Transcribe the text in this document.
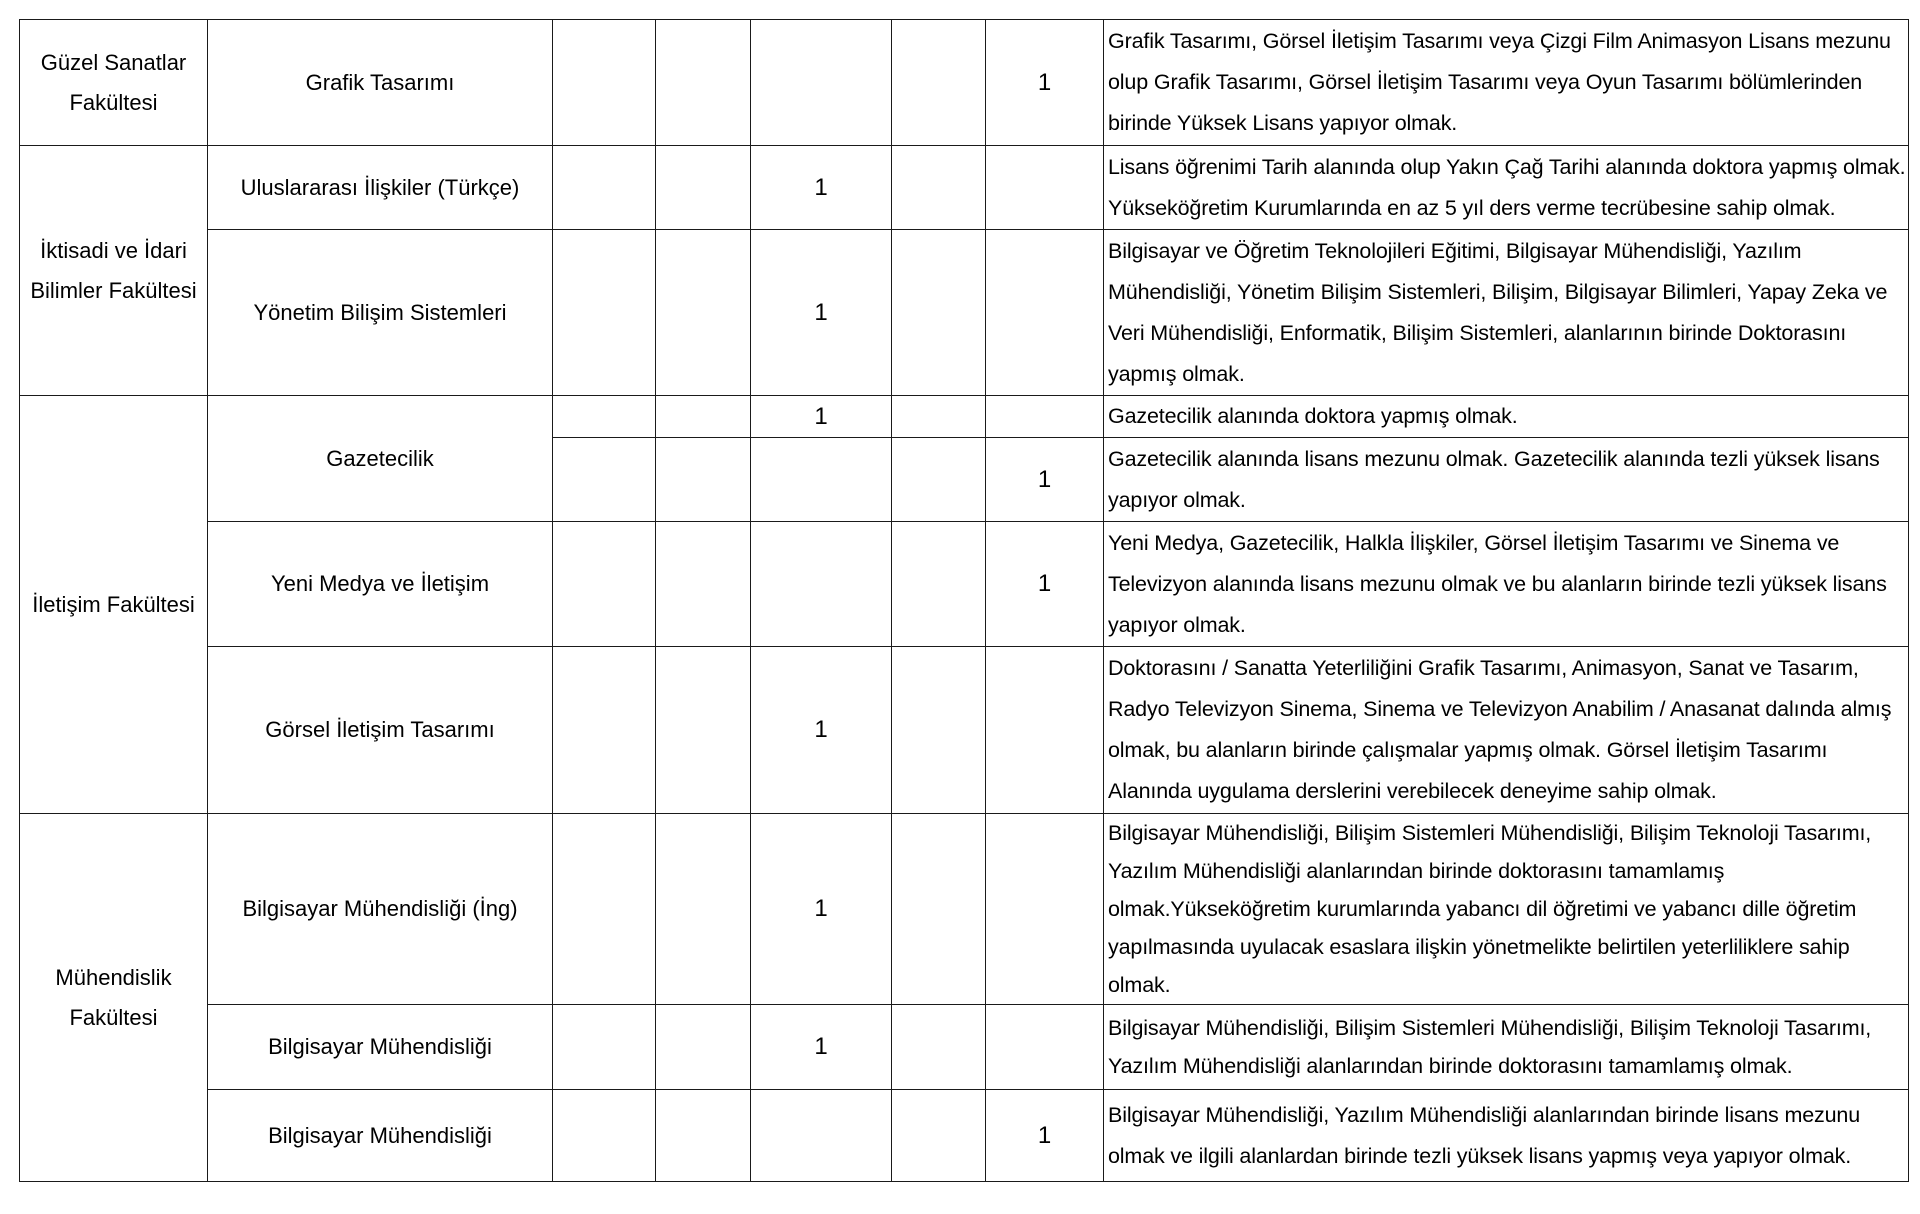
Güzel Sanatlar Fakültesi	Grafik Tasarımı					1	Grafik Tasarımı, Görsel İletişim Tasarımı veya Çizgi Film Animasyon Lisans mezunu olup Grafik Tasarımı, Görsel İletişim Tasarımı veya Oyun Tasarımı bölümlerinden birinde Yüksek Lisans yapıyor olmak.
İktisadi ve İdari Bilimler Fakültesi	Uluslararası İlişkiler (Türkçe)			1			Lisans öğrenimi Tarih alanında olup Yakın Çağ Tarihi alanında doktora yapmış olmak. Yükseköğretim Kurumlarında en az 5 yıl ders verme tecrübesine sahip olmak.
	Yönetim Bilişim Sistemleri			1			Bilgisayar ve Öğretim Teknolojileri Eğitimi, Bilgisayar Mühendisliği, Yazılım Mühendisliği, Yönetim Bilişim Sistemleri, Bilişim, Bilgisayar Bilimleri, Yapay Zeka ve Veri Mühendisliği, Enformatik, Bilişim Sistemleri, alanlarının birinde Doktorasını yapmış olmak.
İletişim Fakültesi	Gazetecilik			1			Gazetecilik alanında doktora yapmış olmak.
						1	Gazetecilik alanında lisans mezunu olmak. Gazetecilik alanında tezli yüksek lisans yapıyor olmak.
	Yeni Medya ve İletişim					1	Yeni Medya, Gazetecilik, Halkla İlişkiler, Görsel İletişim Tasarımı ve Sinema ve Televizyon alanında lisans mezunu olmak ve bu alanların birinde tezli yüksek lisans yapıyor olmak.
	Görsel İletişim Tasarımı			1			Doktorasını / Sanatta Yeterliliğini Grafik Tasarımı, Animasyon, Sanat ve Tasarım, Radyo Televizyon Sinema, Sinema ve Televizyon Anabilim / Anasanat dalında almış olmak, bu alanların birinde çalışmalar yapmış olmak. Görsel İletişim Tasarımı Alanında uygulama derslerini verebilecek deneyime sahip olmak.
Mühendislik Fakültesi	Bilgisayar Mühendisliği (İng)			1			Bilgisayar Mühendisliği, Bilişim Sistemleri Mühendisliği, Bilişim Teknoloji Tasarımı, Yazılım Mühendisliği alanlarından birinde doktorasını tamamlamış olmak.Yükseköğretim kurumlarında yabancı dil öğretimi ve yabancı dille öğretim yapılmasında uyulacak esaslara ilişkin yönetmelikte belirtilen yeterliliklere sahip olmak.
	Bilgisayar Mühendisliği			1			Bilgisayar Mühendisliği, Bilişim Sistemleri Mühendisliği, Bilişim Teknoloji Tasarımı, Yazılım Mühendisliği alanlarından birinde doktorasını tamamlamış olmak.
	Bilgisayar Mühendisliği					1	Bilgisayar Mühendisliği, Yazılım Mühendisliği alanlarından birinde lisans mezunu olmak ve ilgili alanlardan birinde tezli yüksek lisans yapmış veya yapıyor olmak.
